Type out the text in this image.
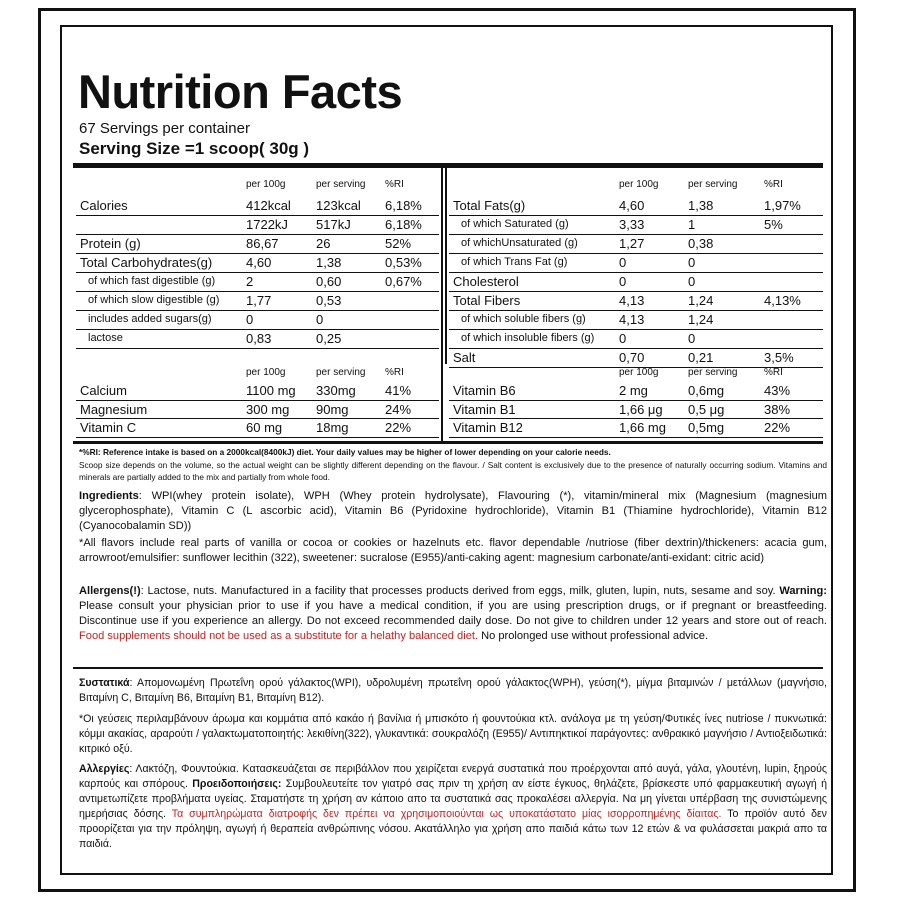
Nutrition Facts
67 Servings per container
Serving Size =1 scoop( 30g )
per 100g	per serving %RI
Calories	412kcal 123kcal 6,18%
1722kJ 517kJ	6,18%
Protein (g)	86,67	26	52%
Total Carbohydrates(g)	4,60	1,38	0,53%
of which fast digestible (g) 2	0,60	0,67%
of which slow digestible (g) 1,77	0,53
includes added sugars(g)	0	0
lactose	0,83	0,25
per 100g	per serving	%RI
Total Fats(g)	4,60	1,38	1,97%
of which Saturated (g)	3,33	1	5%
of whichUnsaturated (g)	1,27	0,38
of which Trans Fat (g)	0	0
Cholesterol	0	0
Total Fibers	4,13	1,24	4,13%
of which soluble fibers (g)	4,13	1,24
of which insoluble fibers (g) 0	0
Salt	0,70	0,21	3,5%
per 100g	per serving %RI
Calcium	1100 mg 330mg 41%
Magnesium	300 mg 90mg	24%
Vitamin C	60 mg	18mg	22%
per 100g	per serving	%RI
Vitamin B6	2 mg	0,6mg	43%
Vitamin B1	1,66 μg 0,5 μg	38%
Vitamin B12	1,66 mg 0,5mg	22%
*%RI: Reference intake is based on a 2000kcal(8400kJ) diet. Your daily values may be higher of lower depending on your calorie needs.
Scoop size depends on the volume, so the actual weight can be slightly different depending on the flavour. / Salt content is exclusively due to the presence of naturally occurring sodium. Vitamins and minerals are partially added to the mix and partially from whole food.
Ingredients: WPI(whey protein isolate), WPH (Whey protein hydrolysate), Flavouring (*), vitamin/mineral mix (Magnesium (magnesium glycerophosphate), Vitamin C (L ascorbic acid), Vitamin B6 (Pyridoxine hydrochloride), Vitamin B1 (Thiamine hydrochloride), Vitamin B12 (Cyanocobalamin SD))
*All flavors include real parts of vanilla or cocoa or cookies or hazelnuts etc. flavor dependable /nutriose (fiber dextrin)/thickeners: acacia gum, arrowroot/emulsifier: sunflower lecithin (322), sweetener: sucralose (E955)/anti-caking agent: magnesium carbonate/anti-exidant: citric acid)
Allergens(!): Lactose, nuts. Manufactured in a facility that processes products derived from eggs, milk, gluten, lupin, nuts, sesame and soy. Warning: Please consult your physician prior to use if you have a medical condition, if you are using prescription drugs, or if pregnant or breastfeeding. Discontinue use if you experience an allergy. Do not exceed recommended daily dose. Do not give to children under 12 years and store out of reach. Food supplements should not be used as a substitute for a helathy balanced diet. No prolonged use without professional advice.
Συστατικά: Απομονωμένη Πρωτεΐνη ορού γάλακτος(WPI), υδρολυμένη πρωτεΐνη ορού γάλακτος(WPH), γεύση(*), μίγμα βιταμινών / μετάλλων (μαγνήσιο, Βιταμίνη C, Βιταμίνη B6, Βιταμίνη B1, Βιταμίνη B12).
*Οι γεύσεις περιλαμβάνουν άρωμα και κομμάτια από κακάο ή βανίλια ή μπισκότο ή φουντούκια κτλ. ανάλογα με τη γεύση/Φυτικές ίνες nutriose / πυκνωτικά: κόμμι ακακίας, αραρούτι / γαλακτωματοποιητής: λεκιθίνη(322), γλυκαντικά: σουκραλόζη (E955)/ Αντιπηκτικοί παράγοντες: ανθρακικό μαγνήσιο / Αντιοξειδωτικά: κιτρικό οξύ.
Αλλεργίες: Λακτόζη, Φουντούκια. Κατασκευάζεται σε περιβάλλον που χειρίζεται ενεργά συστατικά που προέρχονται από αυγά, γάλα, γλουτένη, lupin, ξηρούς καρπούς και σπόρους. Προειδοποιήσεις: Συμβουλευτείτε τον γιατρό σας πριν τη χρήση αν είστε έγκυος, θηλάζετε, βρίσκεστε υπό φαρμακευτική αγωγή ή αντιμετωπίζετε προβλήματα υγείας. Σταματήστε τη χρήση αν κάποιο απο τα συστατικά σας προκαλέσει αλλεργία. Να μη γίνεται υπέρβαση της συνιστώμενης ημερήσιας δόσης. Τα συμπληρώματα διατροφής δεν πρέπει να χρησιμοποιούνται ως υποκατάστατο μίας ισορροπημένης δίαιτας. Το προϊόν αυτό δεν προορίζεται για την πρόληψη, αγωγή ή θεραπεία ανθρώπινης νόσου. Ακατάλληλο για χρήση απο παιδιά κάτω των 12 ετών & να φυλάσσεται μακριά απο τα παιδιά.
